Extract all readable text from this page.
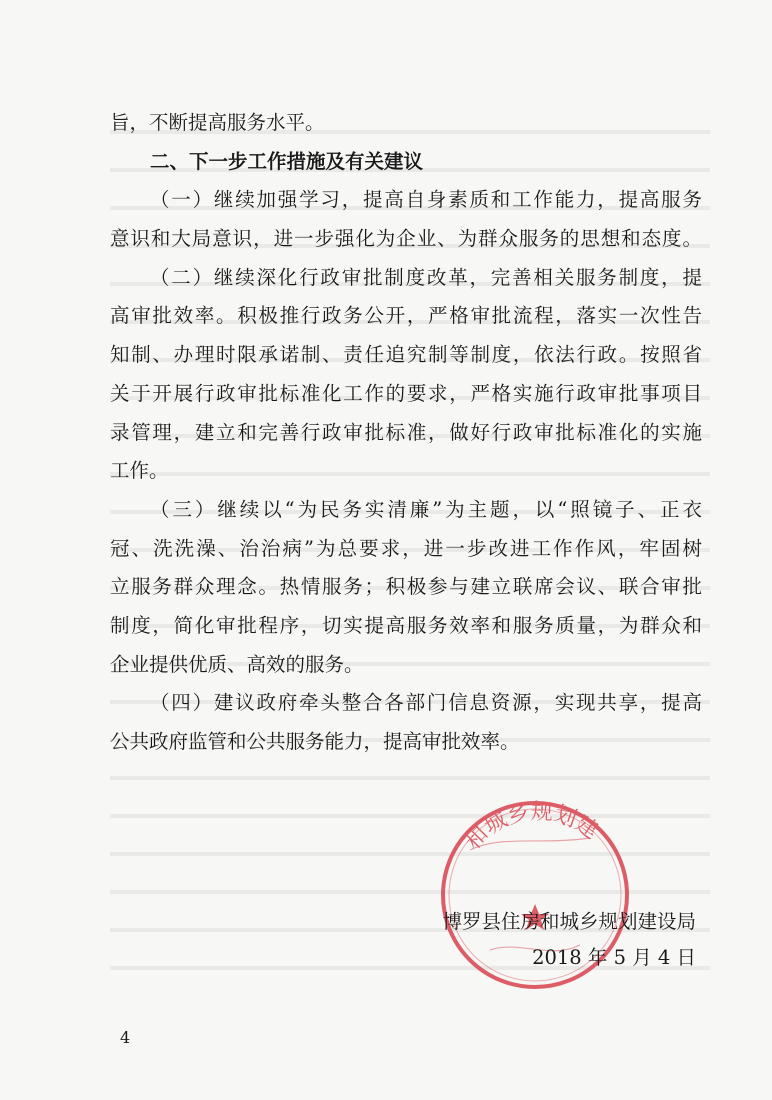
旨，不断提高服务水平。
二、下一步工作措施及有关建议
（一）继续加强学习，提高自身素质和工作能力，提高服务
意识和大局意识，进一步强化为企业、为群众服务的思想和态度。
（二）继续深化行政审批制度改革，完善相关服务制度，提
高审批效率。积极推行政务公开，严格审批流程，落实一次性告
知制、办理时限承诺制、责任追究制等制度，依法行政。按照省
关于开展行政审批标准化工作的要求，严格实施行政审批事项目
录管理，建立和完善行政审批标准，做好行政审批标准化的实施
工作。
（三）继续以“为民务实清廉”为主题，以“照镜子、正衣
冠、洗洗澡、治治病”为总要求，进一步改进工作作风，牢固树
立服务群众理念。热情服务；积极参与建立联席会议、联合审批
制度，简化审批程序，切实提高服务效率和服务质量，为群众和
企业提供优质、高效的服务。
（四）建议政府牵头整合各部门信息资源，实现共享，提高
公共政府监管和公共服务能力，提高审批效率。
和城乡规划建
博罗县住房和城乡规划建设局
2018 年 5 月 4 日
4
